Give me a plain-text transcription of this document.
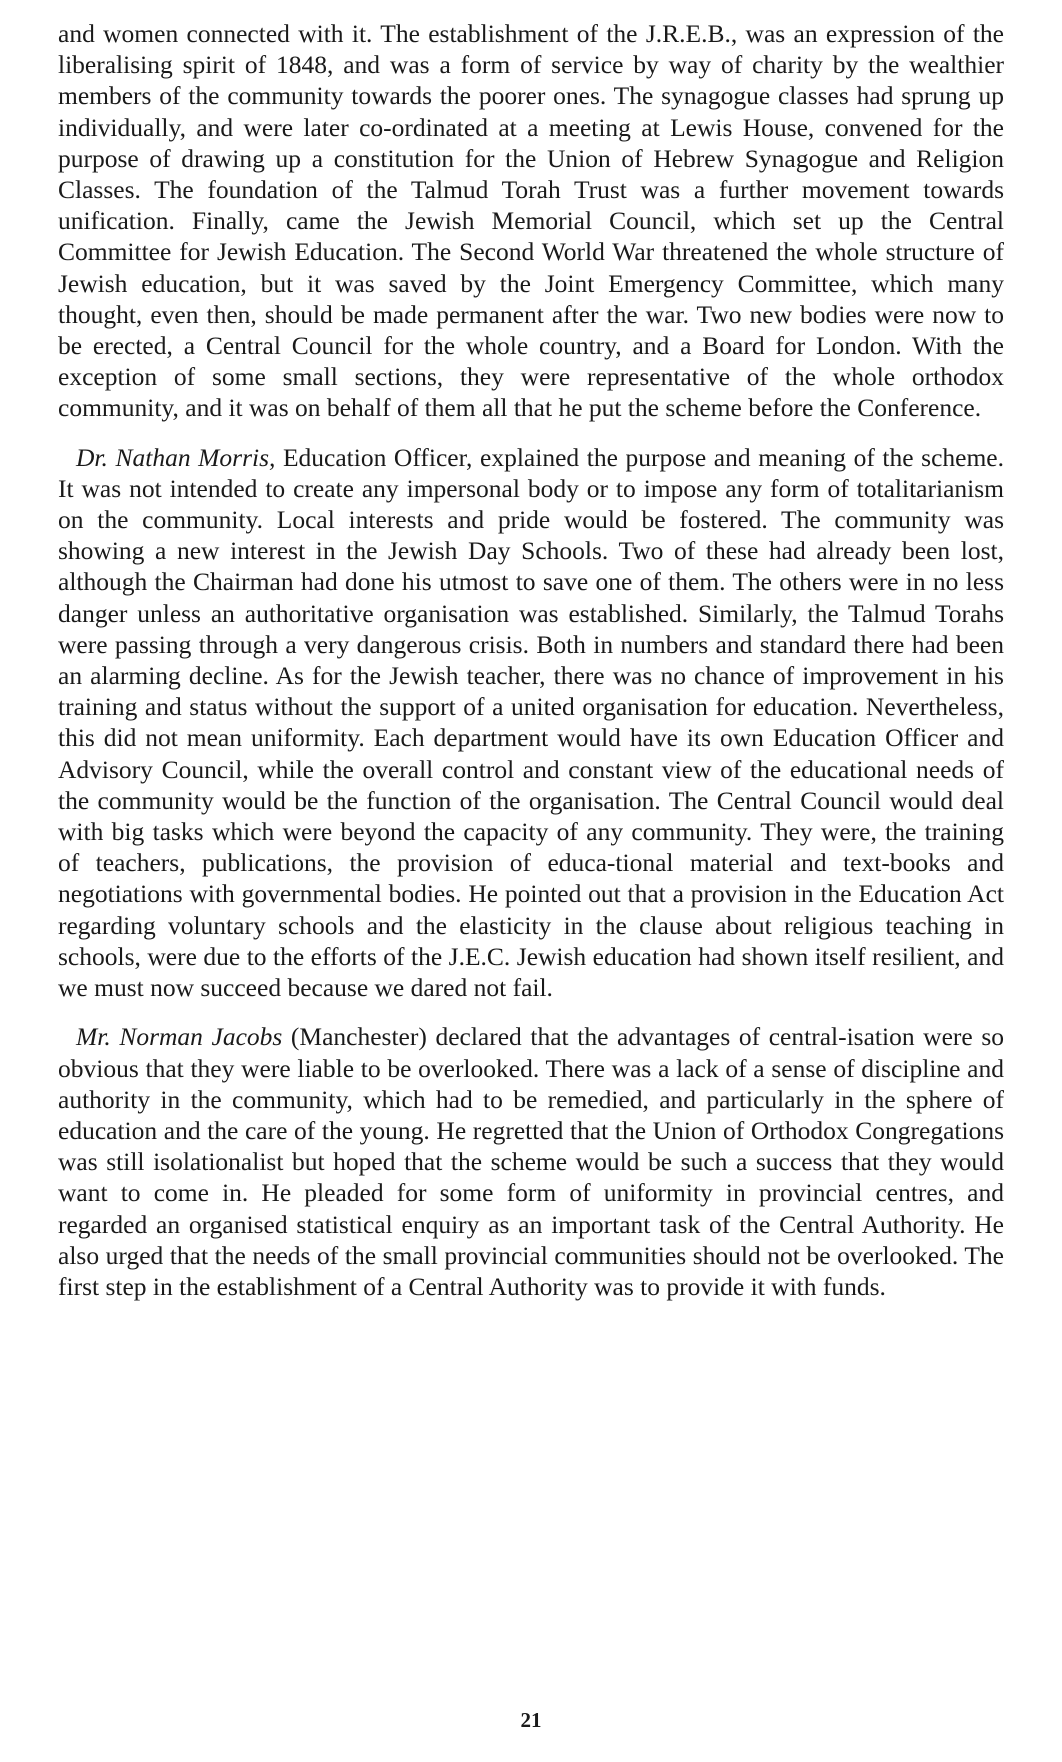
and women connected with it. The establishment of the J.R.E.B., was an expression of the liberalising spirit of 1848, and was a form of service by way of charity by the wealthier members of the community towards the poorer ones. The synagogue classes had sprung up individually, and were later co-ordinated at a meeting at Lewis House, convened for the purpose of drawing up a constitution for the Union of Hebrew Synagogue and Religion Classes. The foundation of the Talmud Torah Trust was a further movement towards unification. Finally, came the Jewish Memorial Council, which set up the Central Committee for Jewish Education. The Second World War threatened the whole structure of Jewish education, but it was saved by the Joint Emergency Committee, which many thought, even then, should be made permanent after the war. Two new bodies were now to be erected, a Central Council for the whole country, and a Board for London. With the exception of some small sections, they were representative of the whole orthodox community, and it was on behalf of them all that he put the scheme before the Conference.

Dr. Nathan Morris, Education Officer, explained the purpose and meaning of the scheme. It was not intended to create any impersonal body or to impose any form of totalitarianism on the community. Local interests and pride would be fostered. The community was showing a new interest in the Jewish Day Schools. Two of these had already been lost, although the Chairman had done his utmost to save one of them. The others were in no less danger unless an authoritative organisation was established. Similarly, the Talmud Torahs were passing through a very dangerous crisis. Both in numbers and standard there had been an alarming decline. As for the Jewish teacher, there was no chance of improvement in his training and status without the support of a united organisation for education. Nevertheless, this did not mean uniformity. Each department would have its own Education Officer and Advisory Council, while the overall control and constant view of the educational needs of the community would be the function of the organisation. The Central Council would deal with big tasks which were beyond the capacity of any community. They were, the training of teachers, publications, the provision of educa-tional material and text-books and negotiations with governmental bodies. He pointed out that a provision in the Education Act regarding voluntary schools and the elasticity in the clause about religious teaching in schools, were due to the efforts of the J.E.C. Jewish education had shown itself resilient, and we must now succeed because we dared not fail.

Mr. Norman Jacobs (Manchester) declared that the advantages of central-isation were so obvious that they were liable to be overlooked. There was a lack of a sense of discipline and authority in the community, which had to be remedied, and particularly in the sphere of education and the care of the young. He regretted that the Union of Orthodox Congregations was still isolationalist but hoped that the scheme would be such a success that they would want to come in. He pleaded for some form of uniformity in provincial centres, and regarded an organised statistical enquiry as an important task of the Central Authority. He also urged that the needs of the small provincial communities should not be overlooked. The first step in the establishment of a Central Authority was to provide it with funds.

21
